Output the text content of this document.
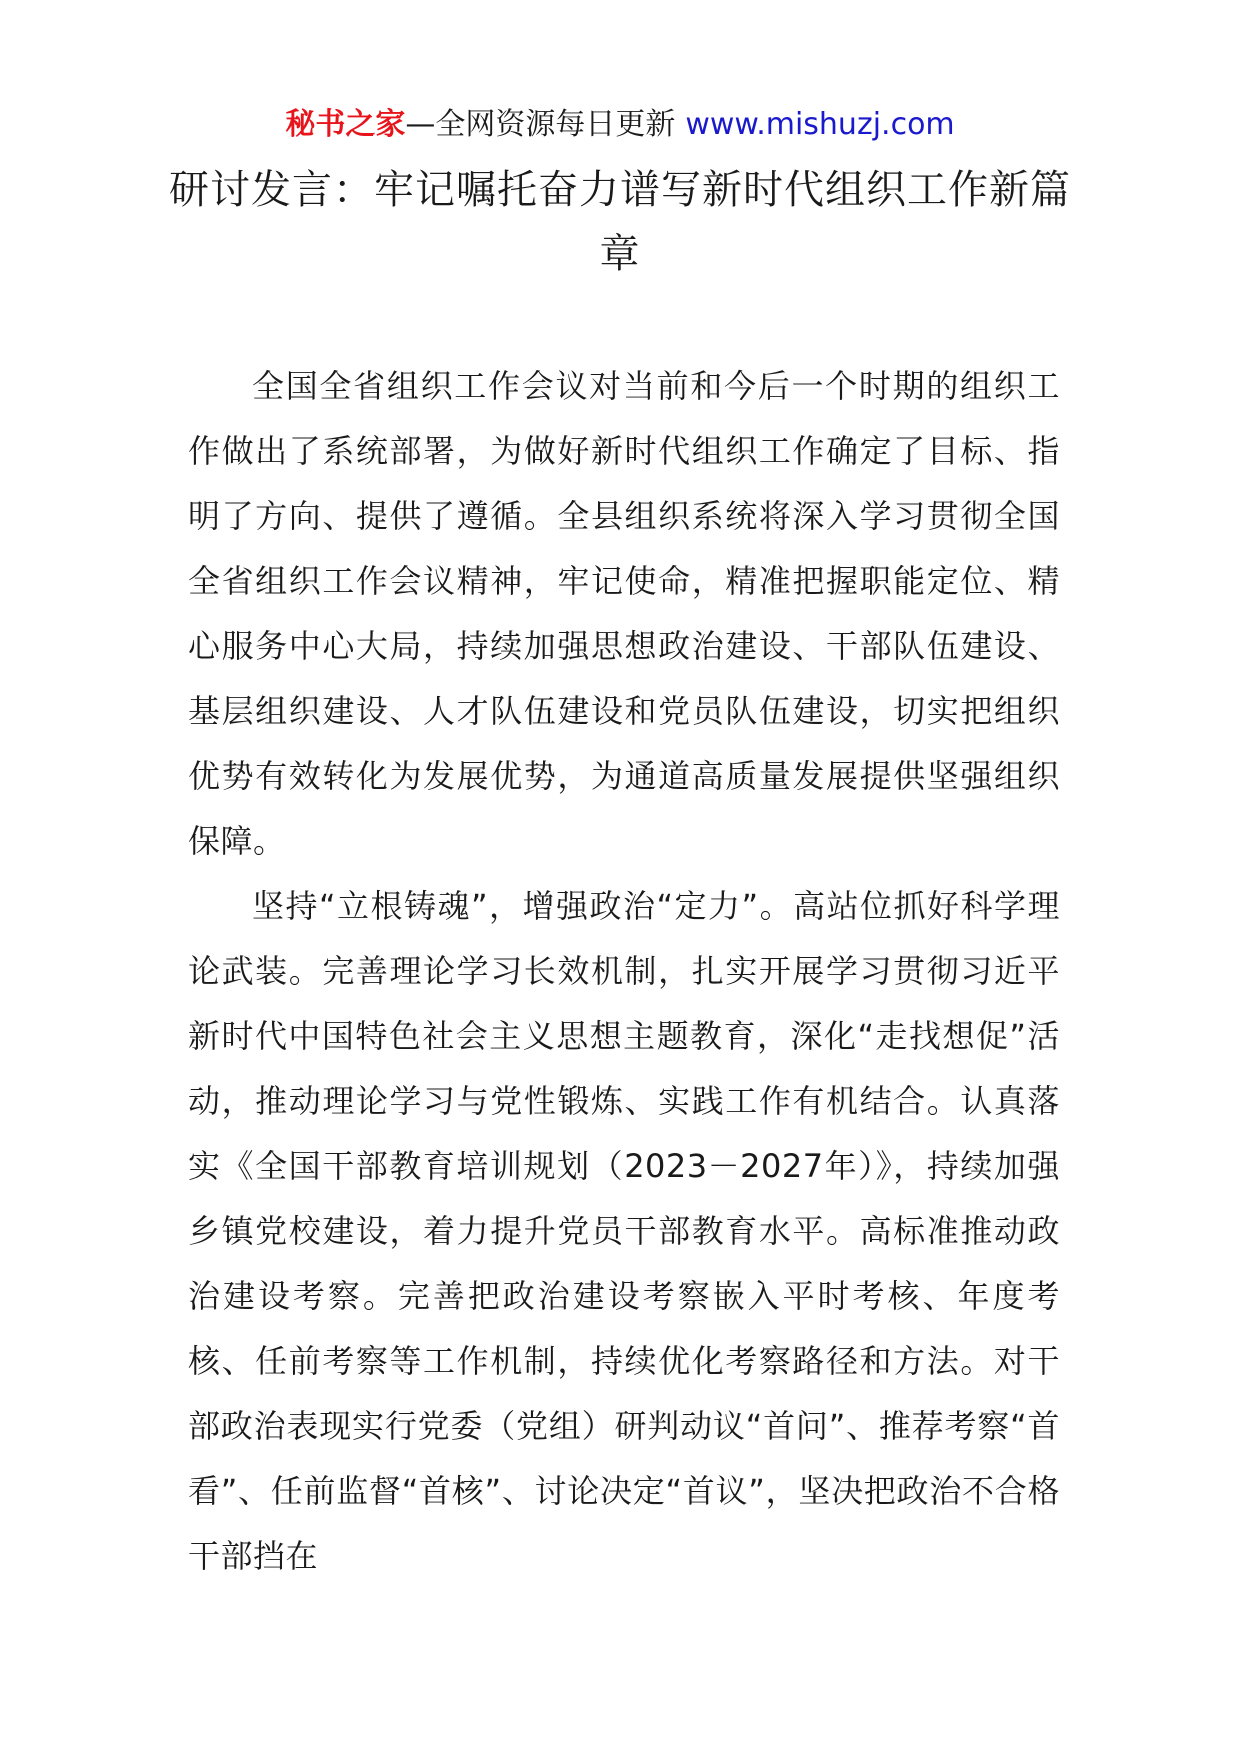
秘书之家—全网资源每日更新 www.mishuzj.com
研讨发言：牢记嘱托奋力谱写新时代组织工作新篇章

全国全省组织工作会议对当前和今后一个时期的组织工作做出了系统部署，为做好新时代组织工作确定了目标、指明了方向、提供了遵循。全县组织系统将深入学习贯彻全国全省组织工作会议精神，牢记使命，精准把握职能定位、精心服务中心大局，持续加强思想政治建设、干部队伍建设、基层组织建设、人才队伍建设和党员队伍建设，切实把组织优势有效转化为发展优势，为通道高质量发展提供坚强组织保障。

坚持“立根铸魂”，增强政治“定力”。高站位抓好科学理论武装。完善理论学习长效机制，扎实开展学习贯彻习近平新时代中国特色社会主义思想主题教育，深化“走找想促”活动，推动理论学习与党性锻炼、实践工作有机结合。认真落实《全国干部教育培训规划（2023－2027年）》，持续加强乡镇党校建设，着力提升党员干部教育水平。高标准推动政治建设考察。完善把政治建设考察嵌入平时考核、年度考核、任前考察等工作机制，持续优化考察路径和方法。对干部政治表现实行党委（党组）研判动议“首问”、推荐考察“首看”、任前监督“首核”、讨论决定“首议”，坚决把政治不合格干部挡在
